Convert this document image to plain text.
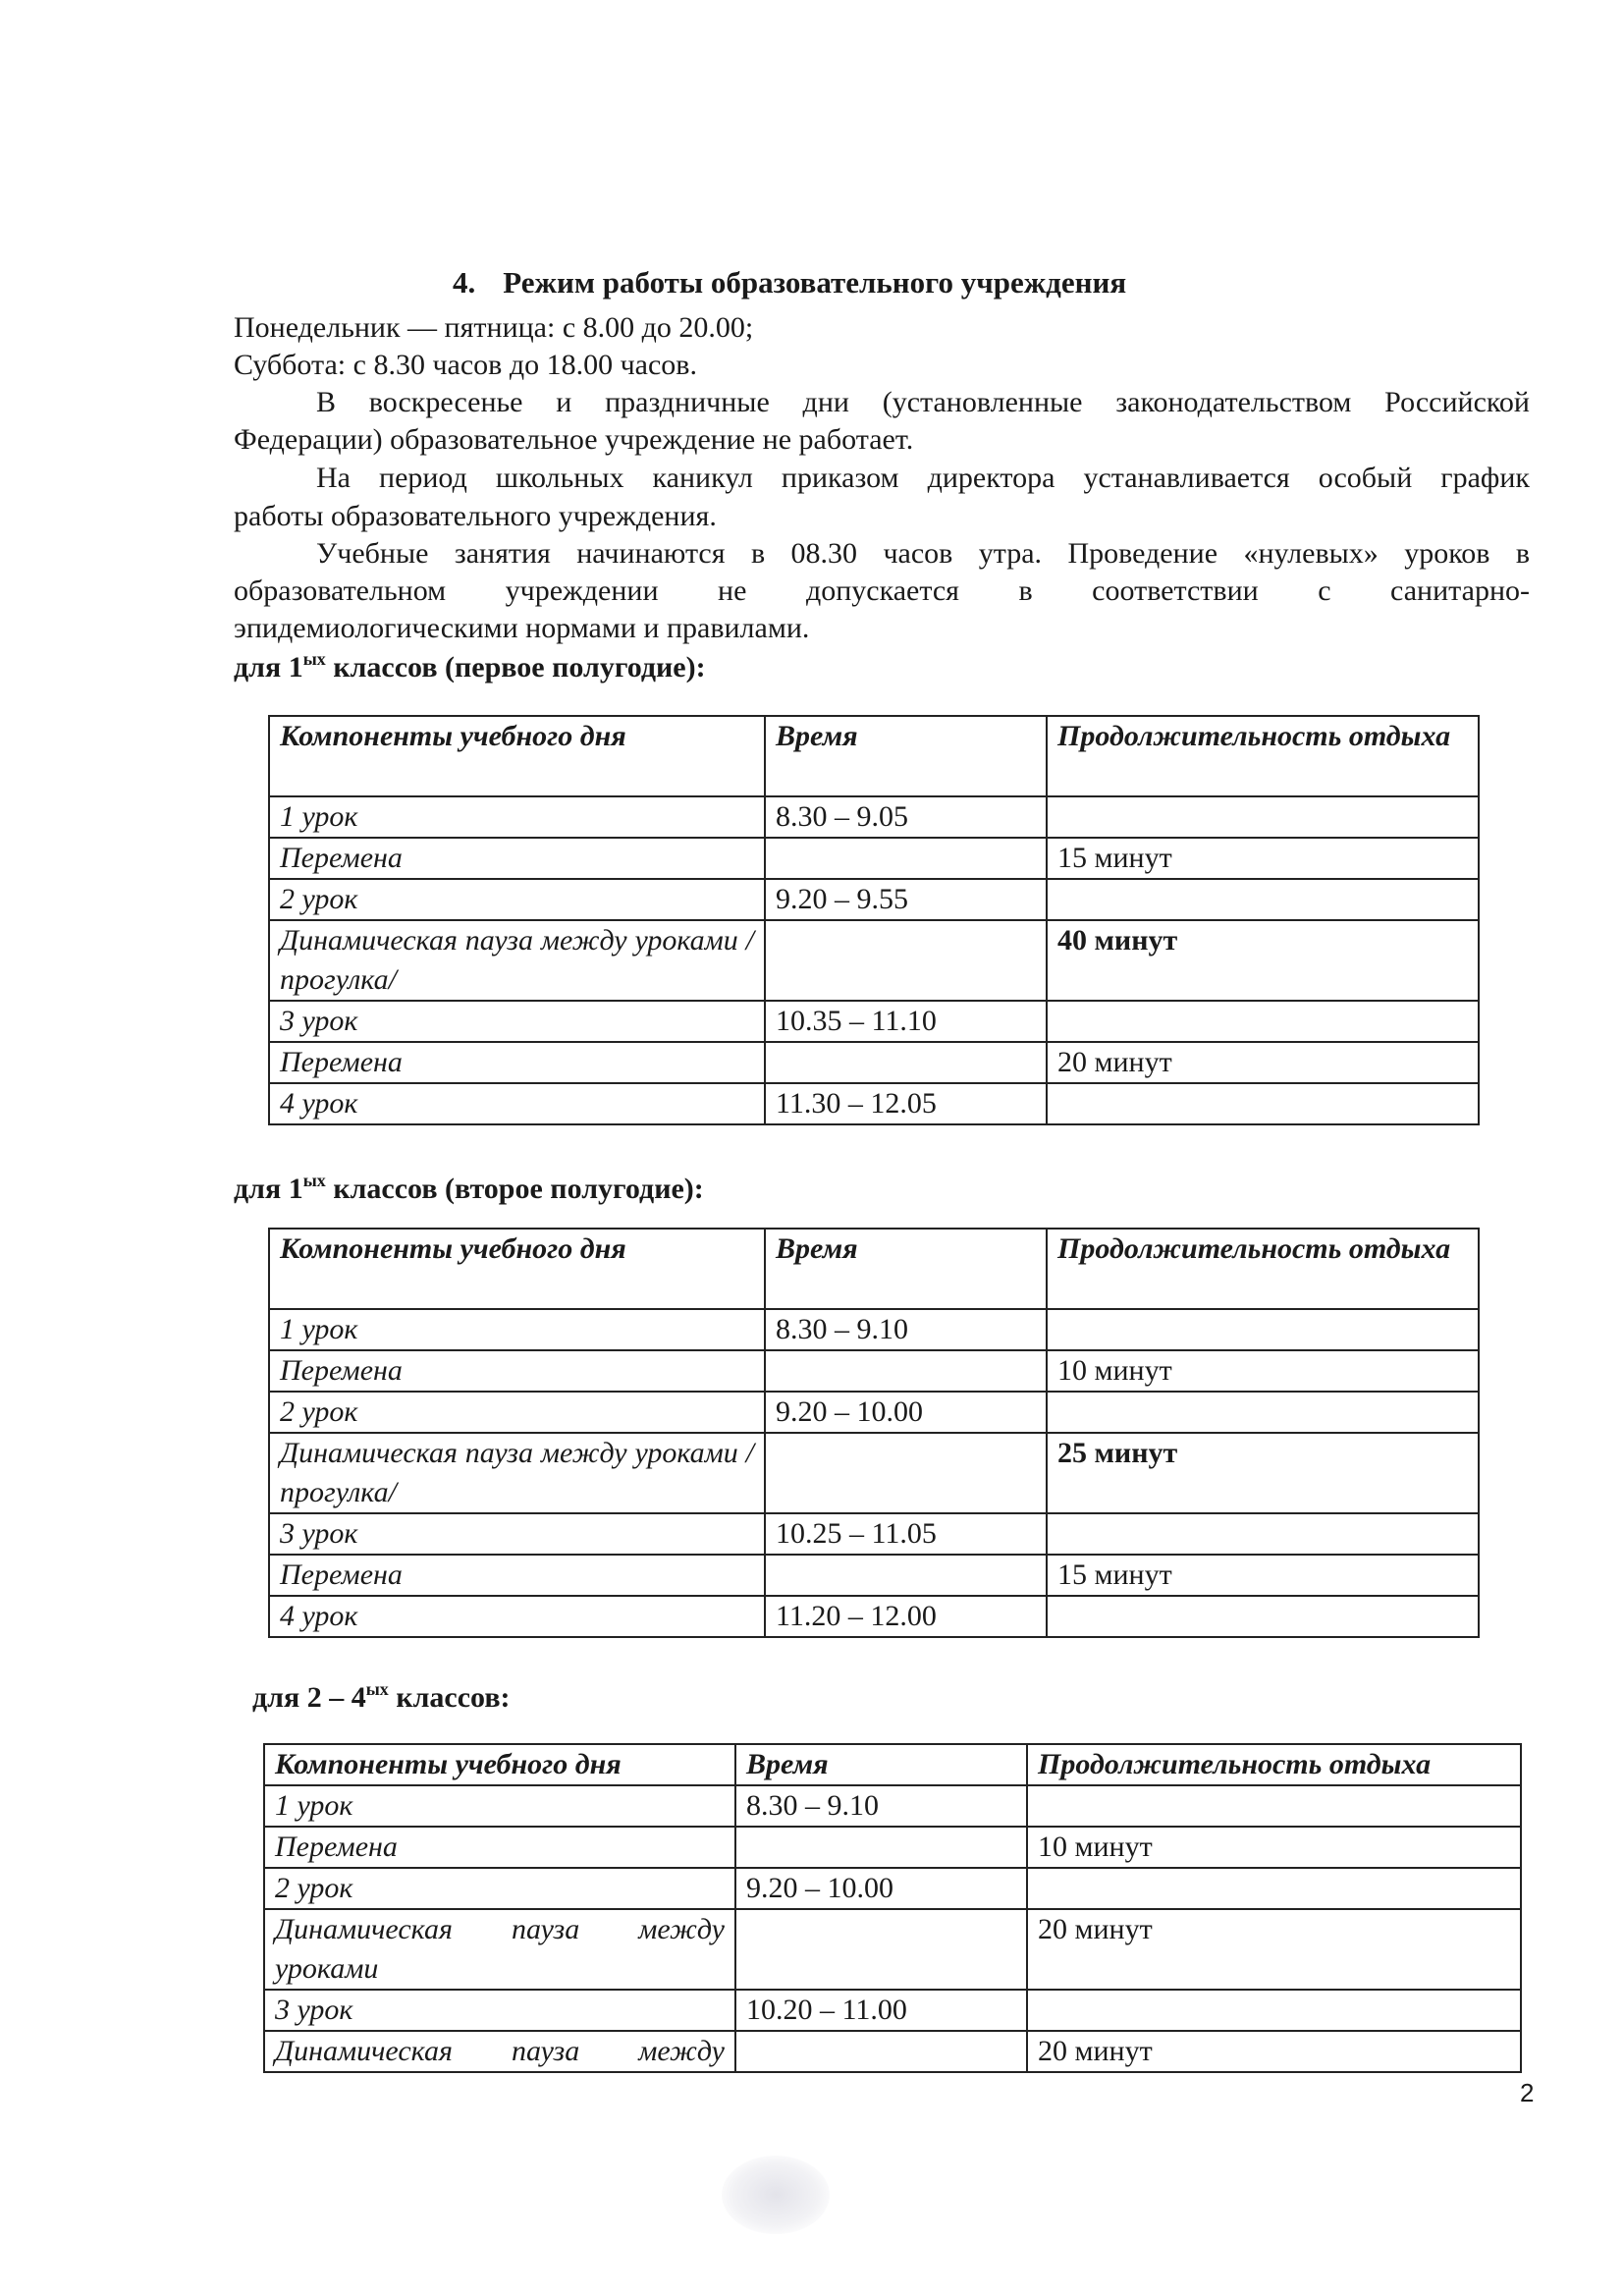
4. Режим работы образовательного учреждения
Понедельник — пятница: с 8.00 до 20.00;
Суббота: с 8.30 часов до 18.00 часов.
В воскресенье и праздничные дни (установленные законодательством Российской
Федерации) образовательное учреждение не работает.
На период школьных каникул приказом директора устанавливается особый график
работы образовательного учреждения.
Учебные занятия начинаются в 08.30 часов утра. Проведение «нулевых» уроков в
образовательном учреждении не допускается в соответствии с санитарно-
эпидемиологическими нормами и правилами.
для $1^{ых}$ классов (первое полугодие):
Компоненты учебного дня	Время	Продолжительность отдыха
1 урок	8.30 – 9.05	
Перемена		15 минут
2 урок	9.20 – 9.55	
Динамическая пауза между уроками /прогулка/		40 минут
3 урок	10.35 – 11.10	
Перемена		20 минут
4 урок	11.30 – 12.05	
для $1^{ых}$ классов (второе полугодие):
Компоненты учебного дня	Время	Продолжительность отдыха
1 урок	8.30 – 9.10	
Перемена		10 минут
2 урок	9.20 – 10.00	
Динамическая пауза между уроками /прогулка/		25 минут
3 урок	10.25 – 11.05	
Перемена		15 минут
4 урок	11.20 – 12.00	
для $2 - 4^{ых}$ классов:
Компоненты учебного дня	Время	Продолжительность отдыха
1 урок	8.30 – 9.10	
Перемена		10 минут
2 урок	9.20 – 10.00	
Динамическая пауза между уроками		20 минут
3 урок	10.20 – 11.00	
Динамическая пауза между		20 минут
2
